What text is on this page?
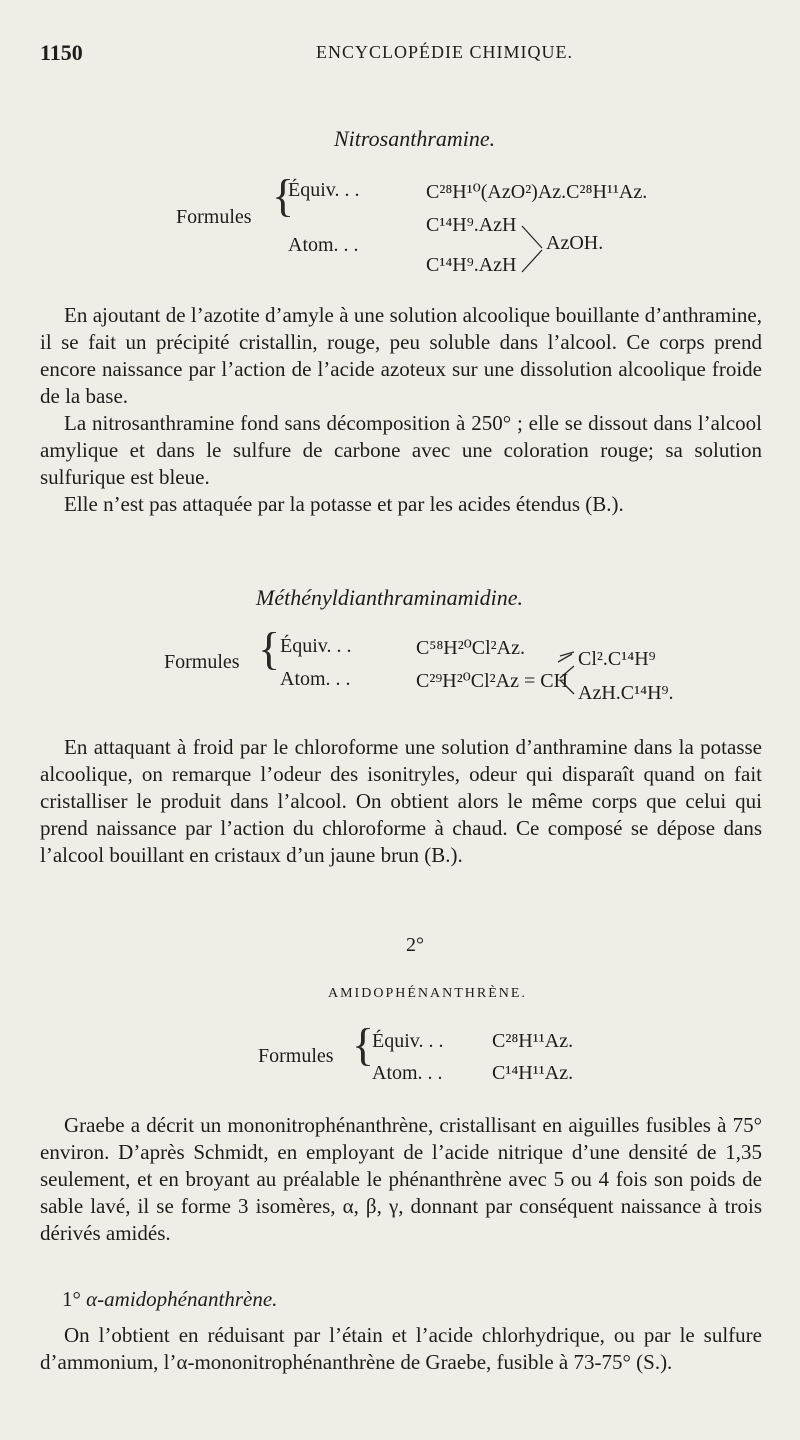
1150	ENCYCLOPÉDIE CHIMIQUE.
Nitrosanthramine.
Formules {
Équiv. . .	C²⁸H¹⁰(AzO²)Az.C²⁸H¹¹Az.
Atom. . .
C¹⁴H⁹.AzH
C¹⁴H⁹.AzH
AzOH.

En ajoutant de l’azotite d’amyle à une solution alcoolique bouillante d’anthramine, il se fait un précipité cristallin, rouge, peu soluble dans l’alcool. Ce corps prend encore naissance par l’action de l’acide azoteux sur une dissolution alcoolique froide de la base.

La nitrosanthramine fond sans décomposition à 250° ; elle se dissout dans l’alcool amylique et dans le sulfure de carbone avec une coloration rouge; sa solution sulfurique est bleue.

Elle n’est pas attaquée par la potasse et par les acides étendus (B.).

Méthényldianthraminamidine.
Formules { Équiv. . .	C⁵⁸H²⁰Cl²Az.
Atom. . .	C²⁹H²⁰Cl²Az = CH
Cl².C¹⁴H⁹
AzH.C¹⁴H⁹.

En attaquant à froid par le chloroforme une solution d’anthramine dans la potasse alcoolique, on remarque l’odeur des isonitryles, odeur qui disparaît quand on fait cristalliser le produit dans l’alcool. On obtient alors le même corps que celui qui prend naissance par l’action du chloroforme à chaud. Ce composé se dépose dans l’alcool bouillant en cristaux d’un jaune brun (B.).

2°
AMIDOPHÉNANTHRÈNE.
Formules {
Équiv. . . C²⁸H¹¹Az.
Atom. . . C¹⁴H¹¹Az.

Graebe a décrit un mononitrophénanthrène, cristallisant en aiguilles fusibles à 75° environ. D’après Schmidt, en employant de l’acide nitrique d’une densité de 1,35 seulement, et en broyant au préalable le phénanthrène avec 5 ou 4 fois son poids de sable lavé, il se forme 3 isomères, α, β, γ, donnant par conséquent naissance à trois dérivés amidés.

1° α-amidophénanthrène.

On l’obtient en réduisant par l’étain et l’acide chlorhydrique, ou par le sulfure d’ammonium, l’α-mononitrophénanthrène de Graebe, fusible à 73-75° (S.).
